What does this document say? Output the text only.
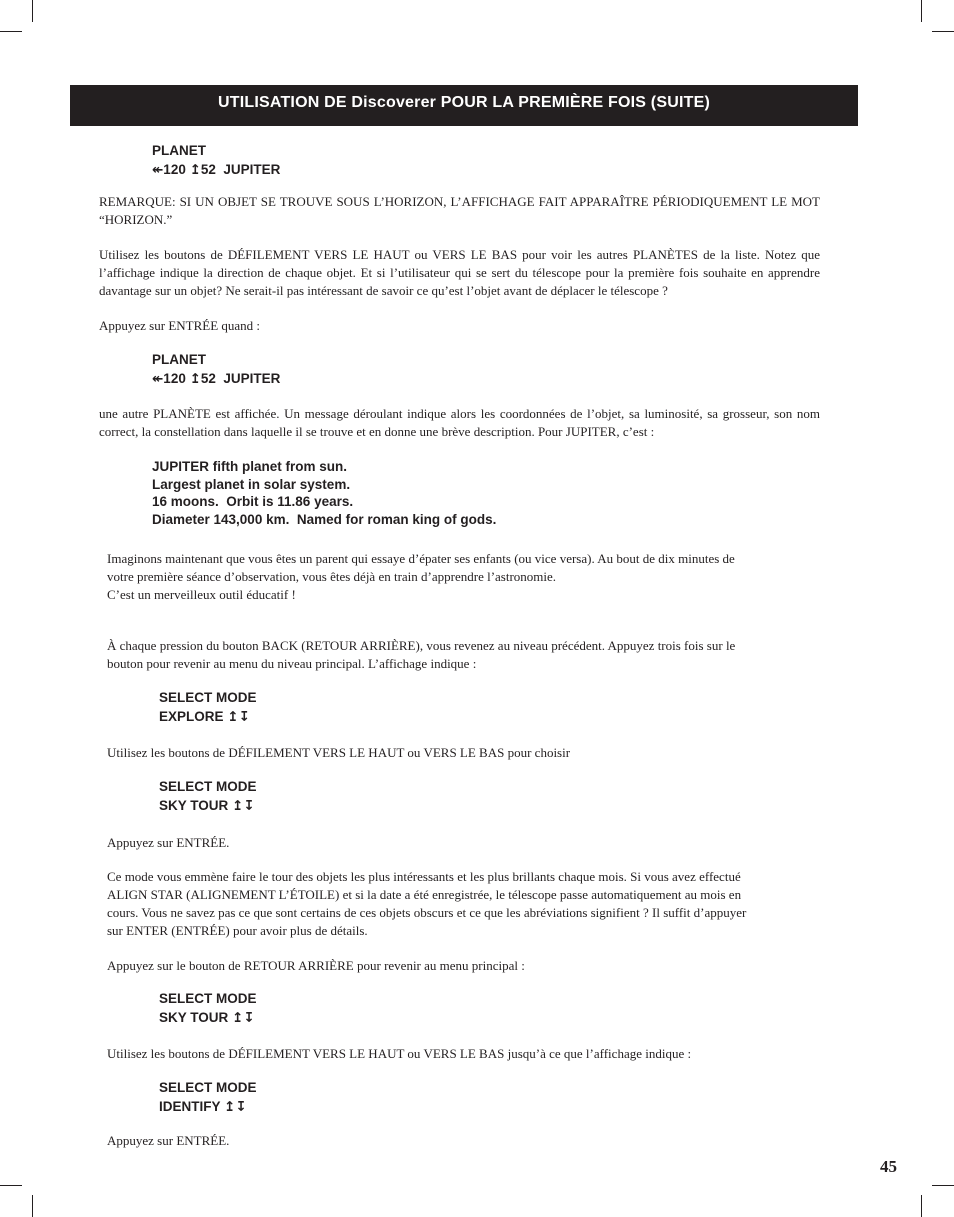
UTILISATION DE Discoverer POUR LA PREMIÈRE FOIS (SUITE)
PLANET
↞120 ↥52  JUPITER

REMARQUE: SI UN OBJET SE TROUVE SOUS L’HORIZON, L’AFFICHAGE FAIT APPARAÎTRE PÉRIODIQUEMENT LE MOT “HORIZON.”

Utilisez les boutons de DÉFILEMENT VERS LE HAUT ou VERS LE BAS pour voir les autres PLANÈTES de la liste. Notez que l’affichage indique la direction de chaque objet. Et si l’utilisateur qui se sert du télescope pour la première fois souhaite en apprendre davantage sur un objet? Ne serait-il pas intéressant de savoir ce qu’est l’objet avant de déplacer le télescope ?

Appuyez sur ENTRÉE quand :

PLANET
↞120 ↥52  JUPITER

une autre PLANÈTE est affichée. Un message déroulant indique alors les coordonnées de l’objet, sa luminosité, sa grosseur, son nom correct, la constellation dans laquelle il se trouve et en donne une brève description. Pour JUPITER, c’est :

JUPITER fifth planet from sun.
Largest planet in solar system.
16 moons.  Orbit is 11.86 years.
Diameter 143,000 km.  Named for roman king of gods.
Imaginons maintenant que vous êtes un parent qui essaye d’épater ses enfants (ou vice versa). Au bout de dix minutes de
votre première séance d’observation, vous êtes déjà en train d’apprendre l’astronomie.
C’est un merveilleux outil éducatif !
À chaque pression du bouton BACK (RETOUR ARRIÈRE), vous revenez au niveau précédent. Appuyez trois fois sur le
bouton pour revenir au menu du niveau principal. L’affichage indique :
SELECT MODE
EXPLORE ↥↧

Utilisez les boutons de DÉFILEMENT VERS LE HAUT ou VERS LE BAS pour choisir

SELECT MODE
SKY TOUR ↥↧

Appuyez sur ENTRÉE.

Ce mode vous emmène faire le tour des objets les plus intéressants et les plus brillants chaque mois. Si vous avez effectué
ALIGN STAR (ALIGNEMENT L’ÉTOILE) et si la date a été enregistrée, le télescope passe automatiquement au mois en
cours. Vous ne savez pas ce que sont certains de ces objets obscurs et ce que les abréviations signifient ? Il suffit d’appuyer
sur ENTER (ENTRÉE) pour avoir plus de détails.

Appuyez sur le bouton de RETOUR ARRIÈRE pour revenir au menu principal :

SELECT MODE
SKY TOUR ↥↧

Utilisez les boutons de DÉFILEMENT VERS LE HAUT ou VERS LE BAS jusqu’à ce que l’affichage indique :

SELECT MODE
IDENTIFY ↥↧

Appuyez sur ENTRÉE.

45
